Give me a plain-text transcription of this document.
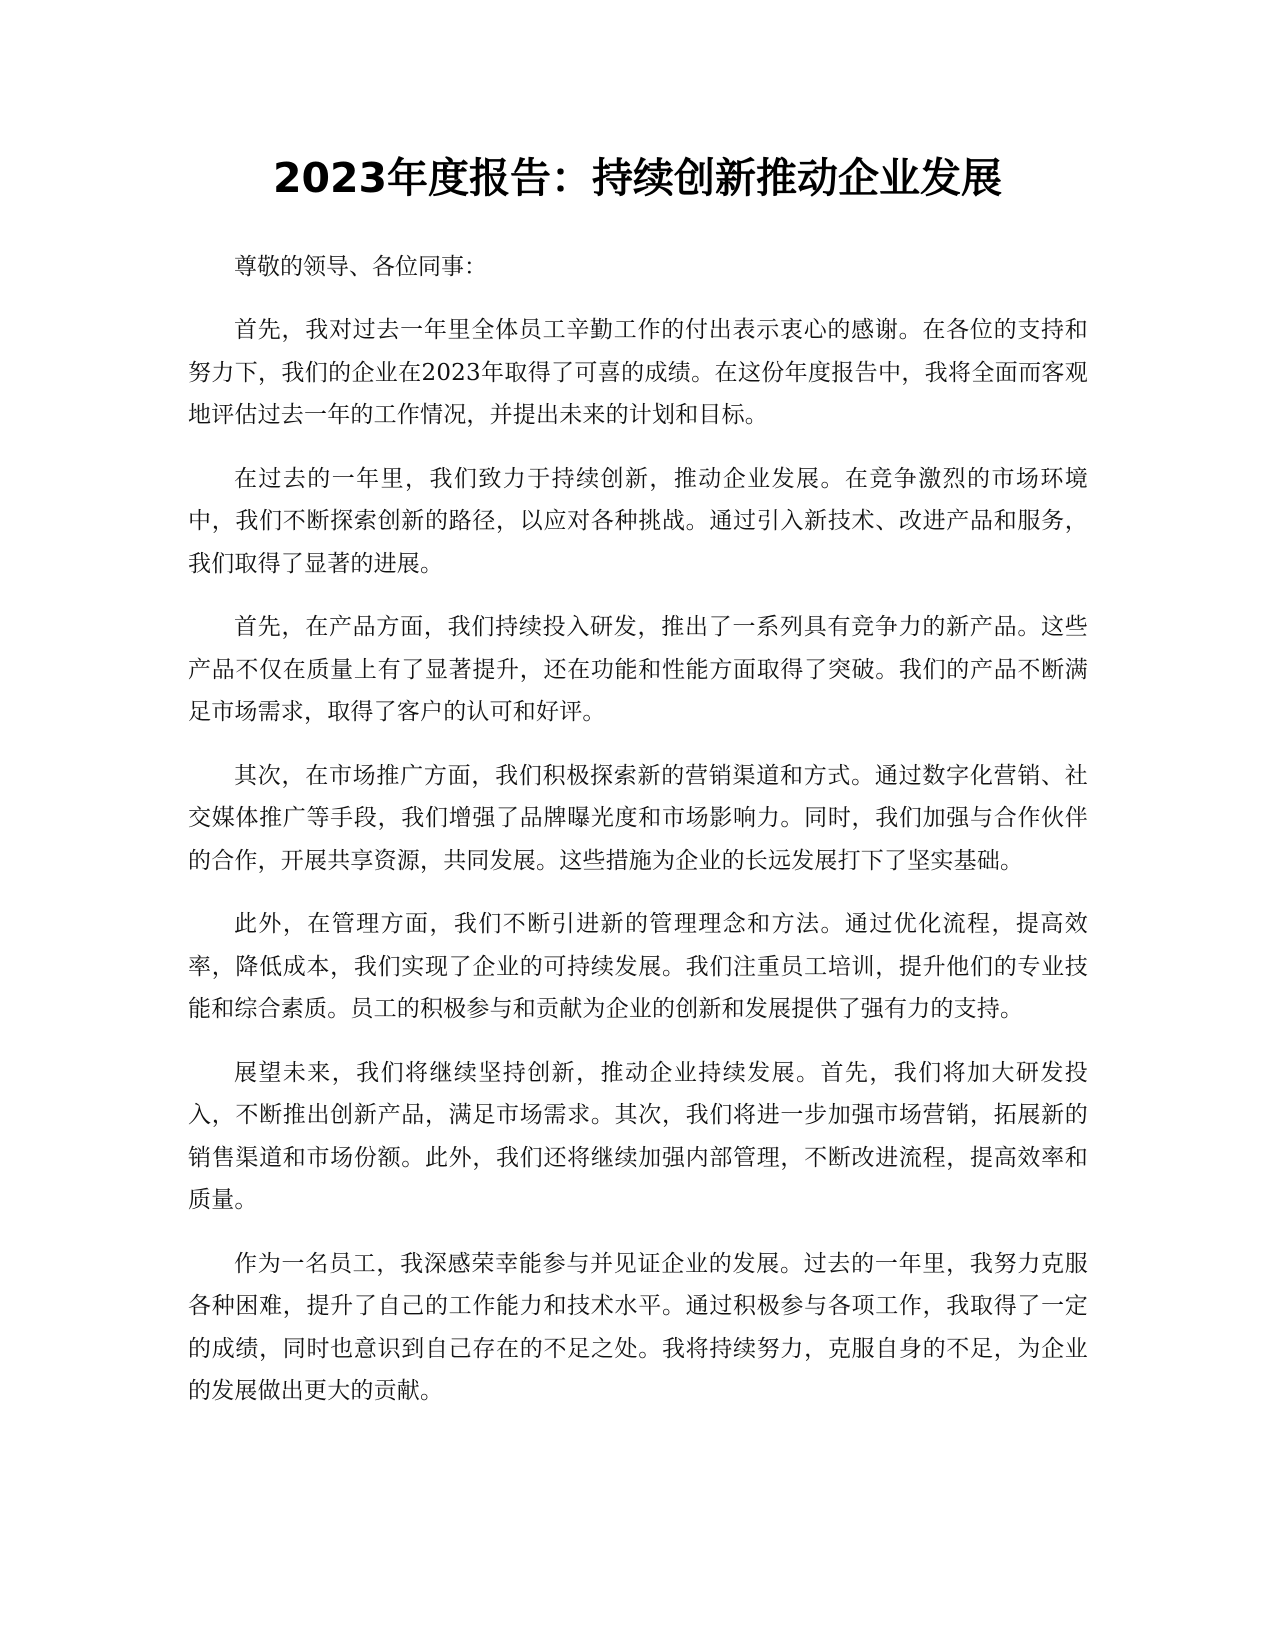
2023年度报告：持续创新推动企业发展

尊敬的领导、各位同事：

首先，我对过去一年里全体员工辛勤工作的付出表示衷心的感谢。在各位的支持和努力下，我们的企业在2023年取得了可喜的成绩。在这份年度报告中，我将全面而客观地评估过去一年的工作情况，并提出未来的计划和目标。

在过去的一年里，我们致力于持续创新，推动企业发展。在竞争激烈的市场环境中，我们不断探索创新的路径，以应对各种挑战。通过引入新技术、改进产品和服务，我们取得了显著的进展。

首先，在产品方面，我们持续投入研发，推出了一系列具有竞争力的新产品。这些产品不仅在质量上有了显著提升，还在功能和性能方面取得了突破。我们的产品不断满足市场需求，取得了客户的认可和好评。

其次，在市场推广方面，我们积极探索新的营销渠道和方式。通过数字化营销、社交媒体推广等手段，我们增强了品牌曝光度和市场影响力。同时，我们加强与合作伙伴的合作，开展共享资源，共同发展。这些措施为企业的长远发展打下了坚实基础。

此外，在管理方面，我们不断引进新的管理理念和方法。通过优化流程，提高效率，降低成本，我们实现了企业的可持续发展。我们注重员工培训，提升他们的专业技能和综合素质。员工的积极参与和贡献为企业的创新和发展提供了强有力的支持。

展望未来，我们将继续坚持创新，推动企业持续发展。首先，我们将加大研发投入，不断推出创新产品，满足市场需求。其次，我们将进一步加强市场营销，拓展新的销售渠道和市场份额。此外，我们还将继续加强内部管理，不断改进流程，提高效率和质量。

作为一名员工，我深感荣幸能参与并见证企业的发展。过去的一年里，我努力克服各种困难，提升了自己的工作能力和技术水平。通过积极参与各项工作，我取得了一定的成绩，同时也意识到自己存在的不足之处。我将持续努力，克服自身的不足，为企业的发展做出更大的贡献。
